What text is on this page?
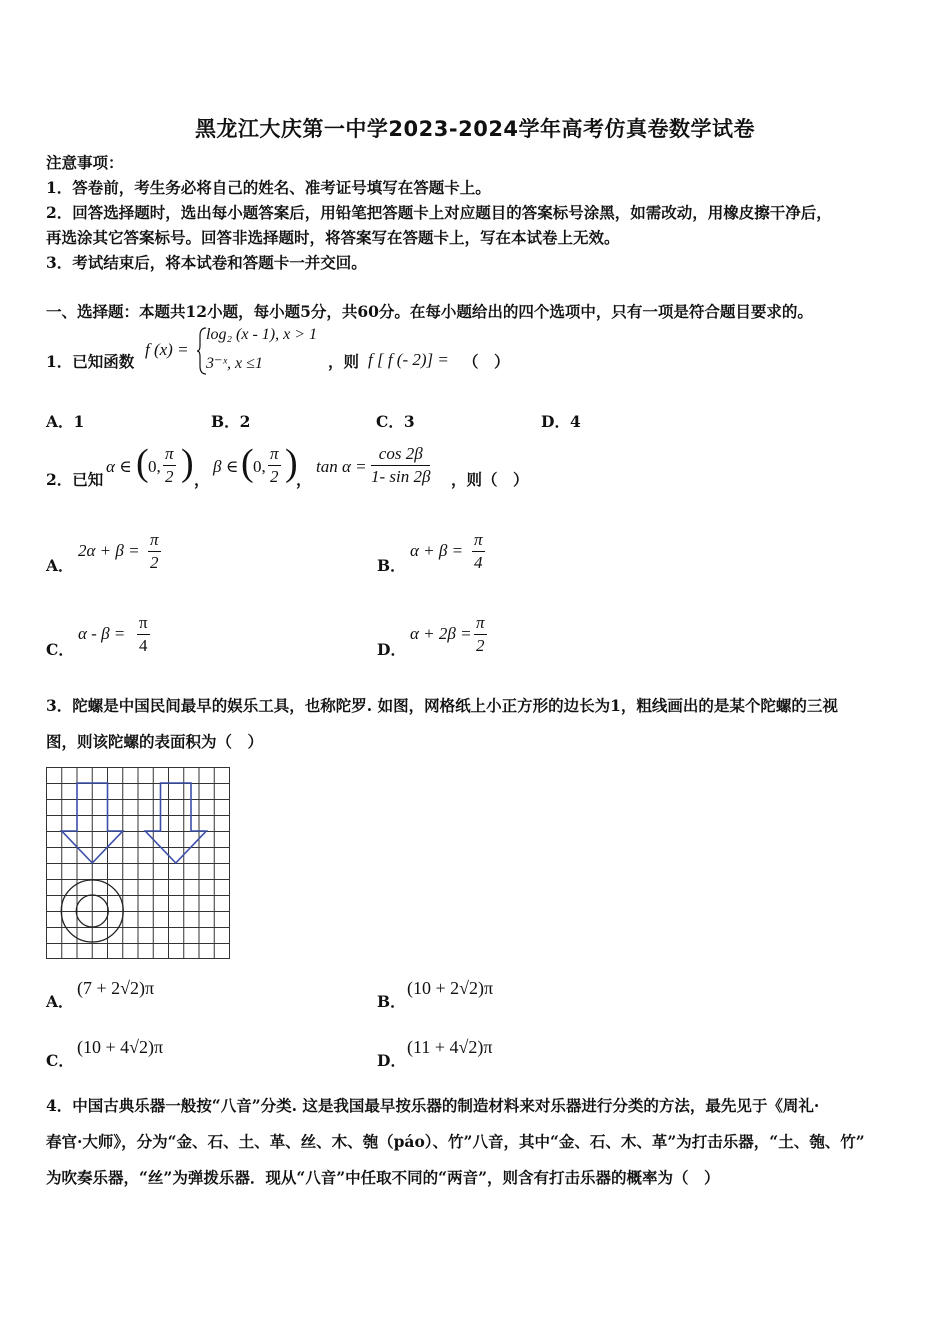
黑龙江大庆第一中学2023-2024学年高考仿真卷数学试卷
注意事项：
1．答卷前，考生务必将自己的姓名、准考证号填写在答题卡上。
2．回答选择题时，选出每小题答案后，用铅笔把答题卡上对应题目的答案标号涂黑，如需改动，用橡皮擦干净后，
再选涂其它答案标号。回答非选择题时，将答案写在答题卡上，写在本试卷上无效。
3．考试结束后，将本试卷和答题卡一并交回。
一、选择题：本题共12小题，每小题5分，共60分。在每小题给出的四个选项中，只有一项是符合题目要求的。
1．已知函数
f (x) =
log₂ (x - 1), x > 1
3⁻ˣ, x ≤1	，则 f [ f (- 2)] = （　）
A．1	B．2	C．3	D．4
2．已知
α ∈ ( 0, $\frac{\pi}{2}$ ) ，
β ∈ ( 0, $\frac{\pi}{2}$ )
，
$\tan \alpha = \frac{\cos 2\beta}{1- \sin 2\beta}$ ，则（　）
A．
$2\alpha + \beta = \frac{\pi}{2}$	B．
$\alpha + \beta = \frac{\pi}{4}$
C．
$\alpha - \beta = \frac{\pi}{4}$	D．
$\alpha + 2\beta = \frac{\pi}{2}$
3．陀螺是中国民间最早的娱乐工具，也称陀罗. 如图，网格纸上小正方形的边长为1，粗线画出的是某个陀螺的三视
图，则该陀螺的表面积为（　）
A．
(7 + 2√2)π
B．
(10 + 2√2)π
C．
(10 + 4√2)π
D．
(11 + 4√2)π
4．中国古典乐器一般按“八音”分类. 这是我国最早按乐器的制造材料来对乐器进行分类的方法，最先见于《周礼·
春官·大师》，分为“金、石、土、革、丝、木、匏（páo）、竹”八音，其中“金、石、木、革”为打击乐器，“土、匏、竹”
为吹奏乐器，“丝”为弹拨乐器．现从“八音”中任取不同的“两音”，则含有打击乐器的概率为（　）
